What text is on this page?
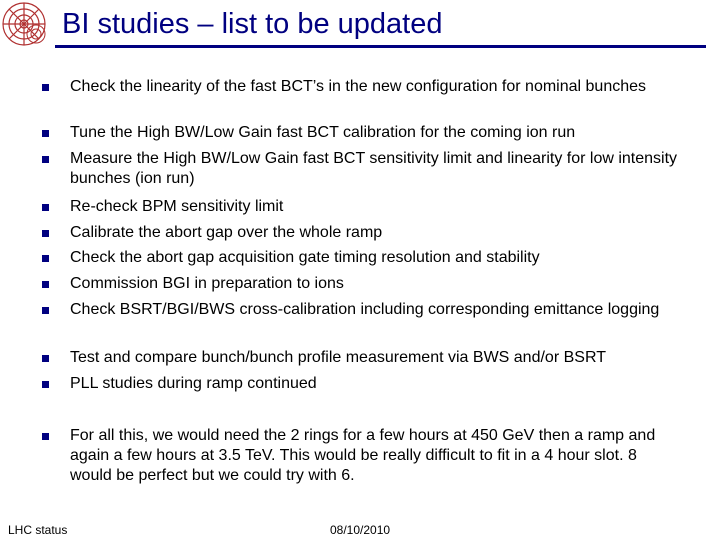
BI studies – list to be updated
Check the linearity of the fast BCT’s in the new configuration for nominal bunches
Tune the High BW/Low Gain fast BCT calibration for the coming ion run
Measure the High BW/Low Gain fast BCT sensitivity limit and linearity for low intensity bunches (ion run)
Re-check BPM sensitivity limit
Calibrate the abort gap over the whole ramp
Check the abort gap acquisition gate timing resolution and stability
Commission BGI in preparation to ions
Check BSRT/BGI/BWS cross-calibration including corresponding emittance logging
Test and compare bunch/bunch profile measurement via BWS and/or BSRT
PLL studies during ramp continued
For all this, we would need the 2 rings for a few hours at 450 GeV then a ramp and again a few hours at 3.5 TeV. This would be really difficult to fit in a 4 hour slot. 8 would be perfect but we could try with 6.
LHC status	08/10/2010
